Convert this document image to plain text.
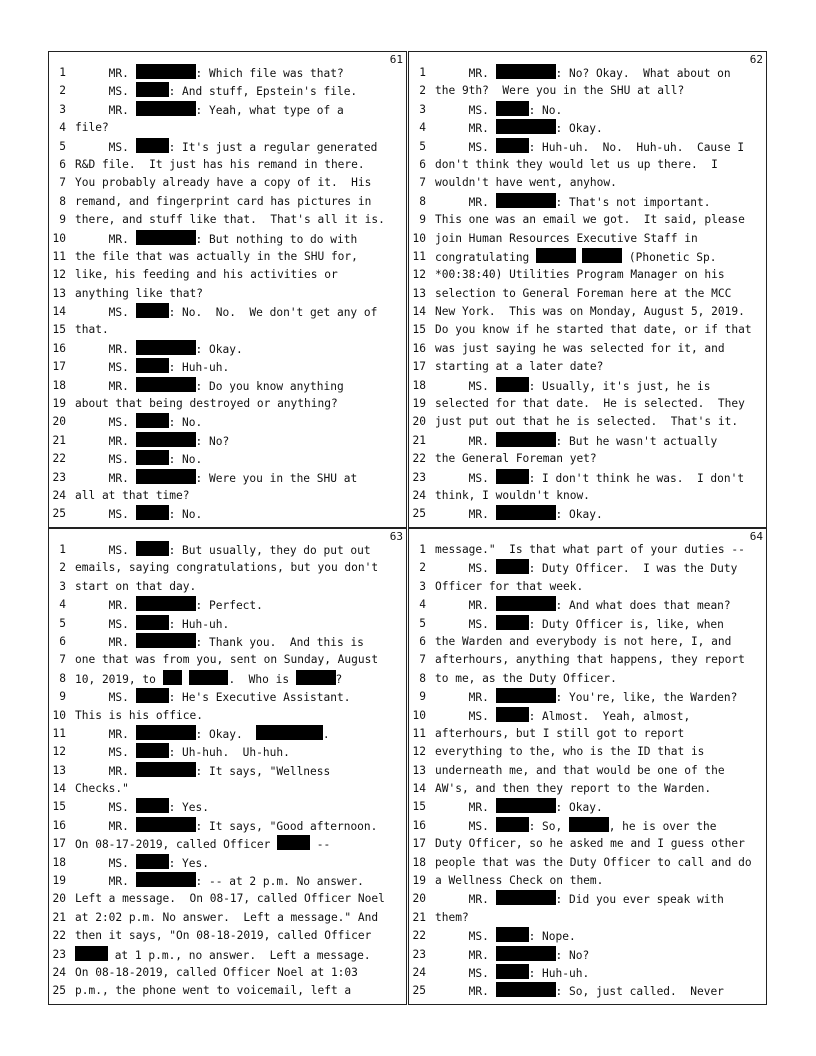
61
1 MR.	: Which file was that?
2 MS.	: And stuff, Epstein's file.
3 MR.	: Yeah, what type of a
4 file?
5 MS.	: It's just a regular generated
6 R&D file.  It just has his remand in there.
7 You probably already have a copy of it.  His
8 remand, and fingerprint card has pictures in
9 there, and stuff like that.  That's all it is.
10 MR.	: But nothing to do with
11 the file that was actually in the SHU for,
12 like, his feeding and his activities or
13 anything like that?
14 MS.	: No.  No.  We don't get any of
15 that.
16 MR.	: Okay.
17 MS.	: Huh-uh.
18 MR.	: Do you know anything
19 about that being destroyed or anything?
20 MS.	: No.
21 MR.	: No?
22 MS.	: No.
23 MR.	: Were you in the SHU at
24 all at that time?
25 MS.	: No.
62
1 MR.	: No? Okay.  What about on
2 the 9th?  Were you in the SHU at all?
3 MS.	: No.
4 MR.	: Okay.
5 MS.	: Huh-uh.  No.  Huh-uh.  Cause I
6 don't think they would let us up there.  I
7 wouldn't have went, anyhow.
8 MR.	: That's not important.
9 This one was an email we got.  It said, please
10 join Human Resources Executive Staff in
11 congratulating	(Phonetic Sp.
12 *00:38:40) Utilities Program Manager on his
13 selection to General Foreman here at the MCC
14 New York.  This was on Monday, August 5, 2019.
15 Do you know if he started that date, or if that
16 was just saying he was selected for it, and
17 starting at a later date?
18 MS.	: Usually, it's just, he is
19 selected for that date.  He is selected.  They
20 just put out that he is selected.  That's it.
21 MR.	: But he wasn't actually
22 the General Foreman yet?
23 MS.	: I don't think he was.  I don't
24 think, I wouldn't know.
25 MR.	: Okay.
63
1 MS.	: But usually, they do put out
2 emails, saying congratulations, but you don't
3 start on that day.
4 MR.	: Perfect.
5 MS.	: Huh-uh.
6 MR.	: Thank you.  And this is
7 one that was from you, sent on Sunday, August
8 10, 2019, to	.  Who is	?
9 MS.	: He's Executive Assistant.
10 This is his office.
11 MR.	: Okay.	.
12 MS.	: Uh-huh.  Uh-huh.
13 MR.	: It says, "Wellness
14 Checks."
15 MS.	: Yes.
16 MR.	: It says, "Good afternoon.
17 On 08-17-2019, called Officer	--
18 MS.	: Yes.
19 MR.	: -- at 2 p.m. No answer.
20 Left a message.  On 08-17, called Officer Noel
21 at 2:02 p.m. No answer.  Left a message." And
22 then it says, "On 08-18-2019, called Officer
23	at 1 p.m., no answer.  Left a message.
24 On 08-18-2019, called Officer Noel at 1:03
25 p.m., the phone went to voicemail, left a
64
1 message."  Is that what part of your duties --
2 MS.	: Duty Officer.  I was the Duty
3 Officer for that week.
4 MR.	: And what does that mean?
5 MS.	: Duty Officer is, like, when
6 the Warden and everybody is not here, I, and
7 afterhours, anything that happens, they report
8 to me, as the Duty Officer.
9 MR.	: You're, like, the Warden?
10 MS.	: Almost.  Yeah, almost,
11 afterhours, but I still got to report
12 everything to the, who is the ID that is
13 underneath me, and that would be one of the
14 AW's, and then they report to the Warden.
15 MR.	: Okay.
16 MS.	: So,	, he is over the
17 Duty Officer, so he asked me and I guess other
18 people that was the Duty Officer to call and do
19 a Wellness Check on them.
20 MR.	: Did you ever speak with
21 them?
22 MS.	: Nope.
23 MR.	: No?
24 MS.	: Huh-uh.
25 MR.	: So, just called.  Never
